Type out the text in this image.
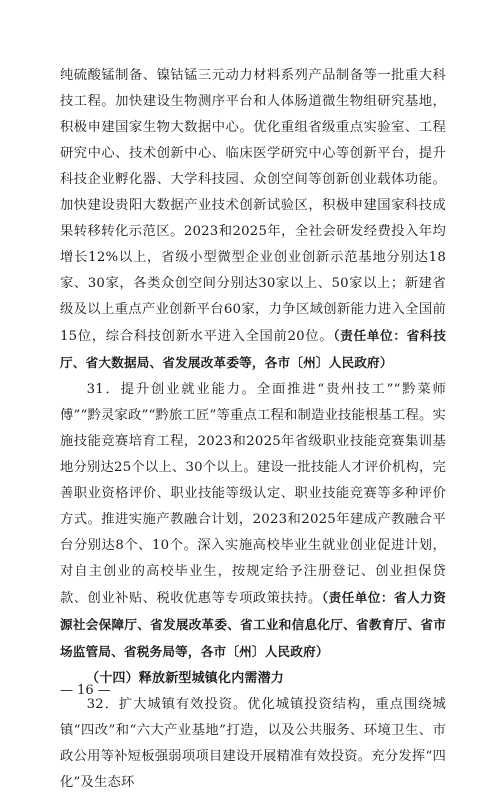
纯硫酸锰制备、镍钴锰三元动力材料系列产品制备等一批重大科技工程。加快建设生物测序平台和人体肠道微生物组研究基地，积极申建国家生物大数据中心。优化重组省级重点实验室、工程研究中心、技术创新中心、临床医学研究中心等创新平台，提升科技企业孵化器、大学科技园、众创空间等创新创业载体功能。加快建设贵阳大数据产业技术创新试验区，积极申建国家科技成果转移转化示范区。2023和2025年，全社会研发经费投入年均增长12%以上，省级小型微型企业创业创新示范基地分别达18家、30家，各类众创空间分别达30家以上、50家以上；新建省级及以上重点产业创新平台60家，力争区域创新能力进入全国前15位，综合科技创新水平进入全国前20位。（责任单位：省科技厅、省大数据局、省发展改革委等，各市〔州〕人民政府）

31．提升创业就业能力。全面推进“贵州技工”“黔菜师傅”“黔灵家政”“黔旅工匠”等重点工程和制造业技能根基工程。实施技能竞赛培育工程，2023和2025年省级职业技能竞赛集训基地分别达25个以上、30个以上。建设一批技能人才评价机构，完善职业资格评价、职业技能等级认定、职业技能竞赛等多种评价方式。推进实施产教融合计划，2023和2025年建成产教融合平台分别达8个、10个。深入实施高校毕业生就业创业促进计划，对自主创业的高校毕业生，按规定给予注册登记、创业担保贷款、创业补贴、税收优惠等专项政策扶持。（责任单位：省人力资源社会保障厅、省发展改革委、省工业和信息化厅、省教育厅、省市场监管局、省税务局等，各市〔州〕人民政府）

（十四）释放新型城镇化内需潜力

32．扩大城镇有效投资。优化城镇投资结构，重点围绕城镇“四改”和“六大产业基地”打造，以及公共服务、环境卫生、市政公用等补短板强弱项项目建设开展精准有效投资。充分发挥“四化”及生态环

— 16 —
